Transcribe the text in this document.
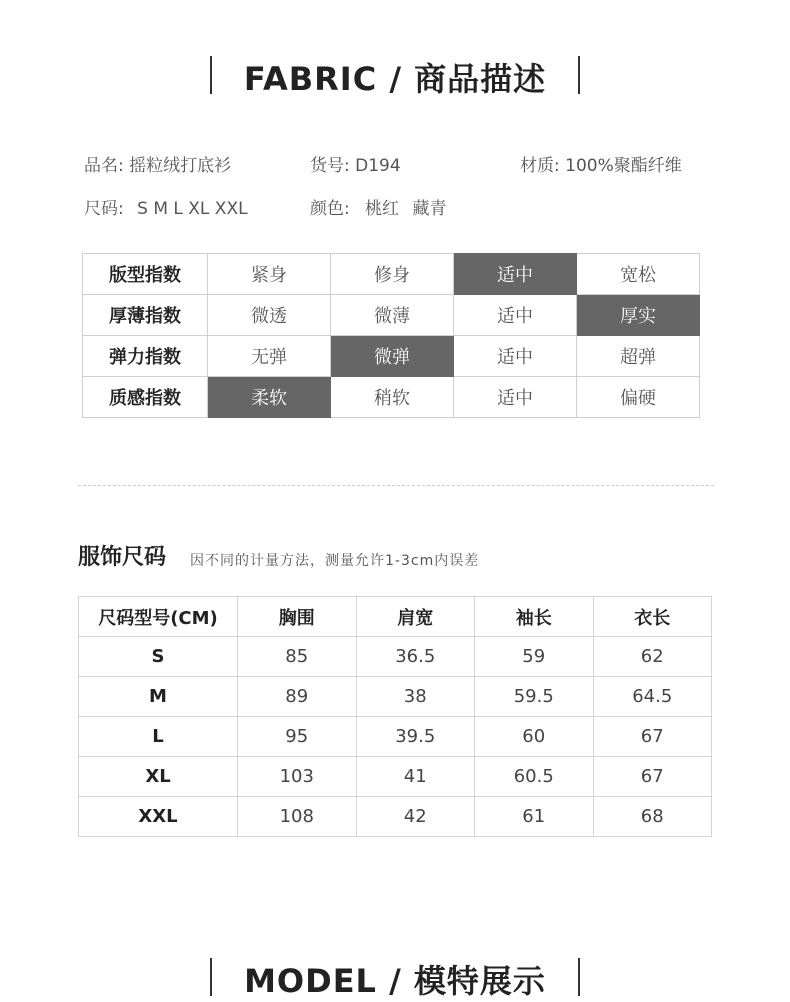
FABRIC / 商品描述
品名: 摇粒绒打底衫	货号: D194	材质: 100%聚酯纤维
尺码: S M L XL XXL	颜色: 桃红 藏青
版型指数	紧身	修身	适中	宽松
厚薄指数	微透	微薄	适中	厚实
弹力指数	无弹	微弹	适中	超弹
质感指数	柔软	稍软	适中	偏硬
服饰尺码 因不同的计量方法，测量允许1-3cm内误差
尺码型号(CM)	胸围	肩宽	袖长	衣长
S	85	36.5	59	62
M	89	38	59.5	64.5
L	95	39.5	60	67
XL	103	41	60.5	67
XXL	108	42	61	68
MODEL / 模特展示
